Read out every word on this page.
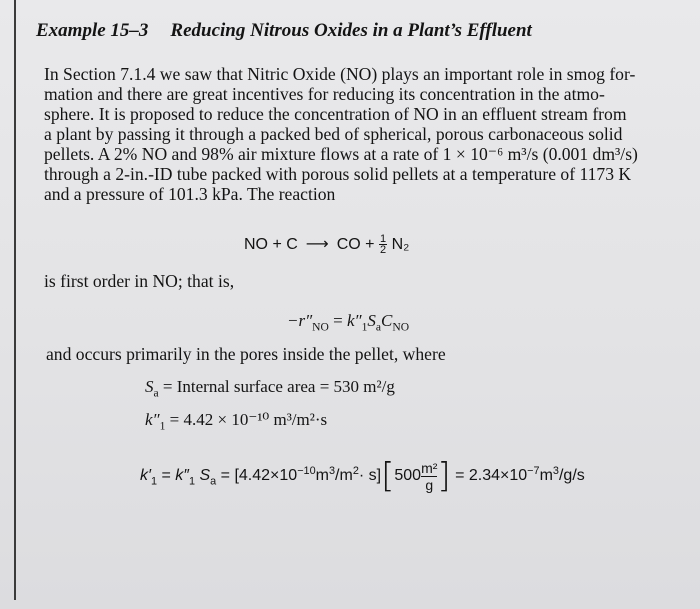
Example 15–3 Reducing Nitrous Oxides in a Plant’s Effluent
In Section 7.1.4 we saw that Nitric Oxide (NO) plays an important role in smog for-
mation and there are great incentives for reducing its concentration in the atmo-
sphere. It is proposed to reduce the concentration of NO in an effluent stream from
a plant by passing it through a packed bed of spherical, porous carbonaceous solid
pellets. A 2% NO and 98% air mixture flows at a rate of 1 × 10⁻⁶ m³/s (0.001 dm³/s)
through a 2-in.-ID tube packed with porous solid pellets at a temperature of 1173 K
and a pressure of 101.3 kPa. The reaction
NO + C ⟶ CO + $\frac{1}{2} N_2$
is first order in NO; that is,
$-r''_{NO} = k''_1S_aC_{NO}$
and occurs primarily in the pores inside the pellet, where
$S_a$ = Internal surface area = 530 m²/g
$k''_1 = 4.42 \times 10^{-10}$ m³/m²·s
$k'_1 = k''_1$ $S_a = [4.42\times 10^{-10}m^3/m^2\cdot s][500 \frac{\text{m²}}{g}$ ] = $2.34\times 10^{-7}m^3/g/s$
